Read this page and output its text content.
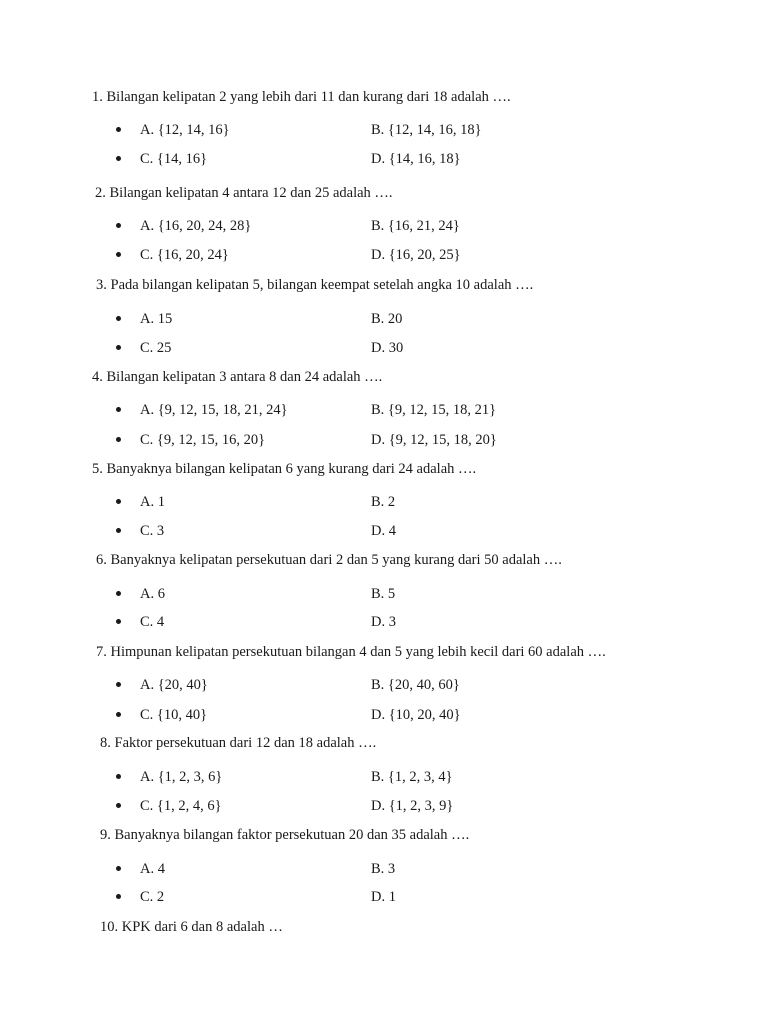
1. Bilangan kelipatan 2 yang lebih dari 11 dan kurang dari 18 adalah ….
A. {12, 14, 16}	B. {12, 14, 16, 18}
C. {14, 16}	D. {14, 16, 18}
2. Bilangan kelipatan 4 antara 12 dan 25 adalah ….
A. {16, 20, 24, 28}	B. {16, 21, 24}
C. {16, 20, 24}	D. {16, 20, 25}
3. Pada bilangan kelipatan 5, bilangan keempat setelah angka 10 adalah ….
A. 15	B. 20
C. 25	D. 30
4. Bilangan kelipatan 3 antara 8 dan 24 adalah ….
A. {9, 12, 15, 18, 21, 24}	B. {9, 12, 15, 18, 21}
C. {9, 12, 15, 16, 20}	D. {9, 12, 15, 18, 20}
5. Banyaknya bilangan kelipatan 6 yang kurang dari 24 adalah ….
A. 1	B. 2
C. 3	D. 4
6. Banyaknya kelipatan persekutuan dari 2 dan 5 yang kurang dari 50 adalah ….
A. 6	B. 5
C. 4	D. 3
7. Himpunan kelipatan persekutuan bilangan 4 dan 5 yang lebih kecil dari 60 adalah ….
A. {20, 40}	B. {20, 40, 60}
C. {10, 40}	D. {10, 20, 40}
8. Faktor persekutuan dari 12 dan 18 adalah ….
A. {1, 2, 3, 6}	B. {1, 2, 3, 4}
C. {1, 2, 4, 6}	D. {1, 2, 3, 9}
9. Banyaknya bilangan faktor persekutuan 20 dan 35 adalah ….
A. 4	B. 3
C. 2	D. 1
10. KPK dari 6 dan 8 adalah …
